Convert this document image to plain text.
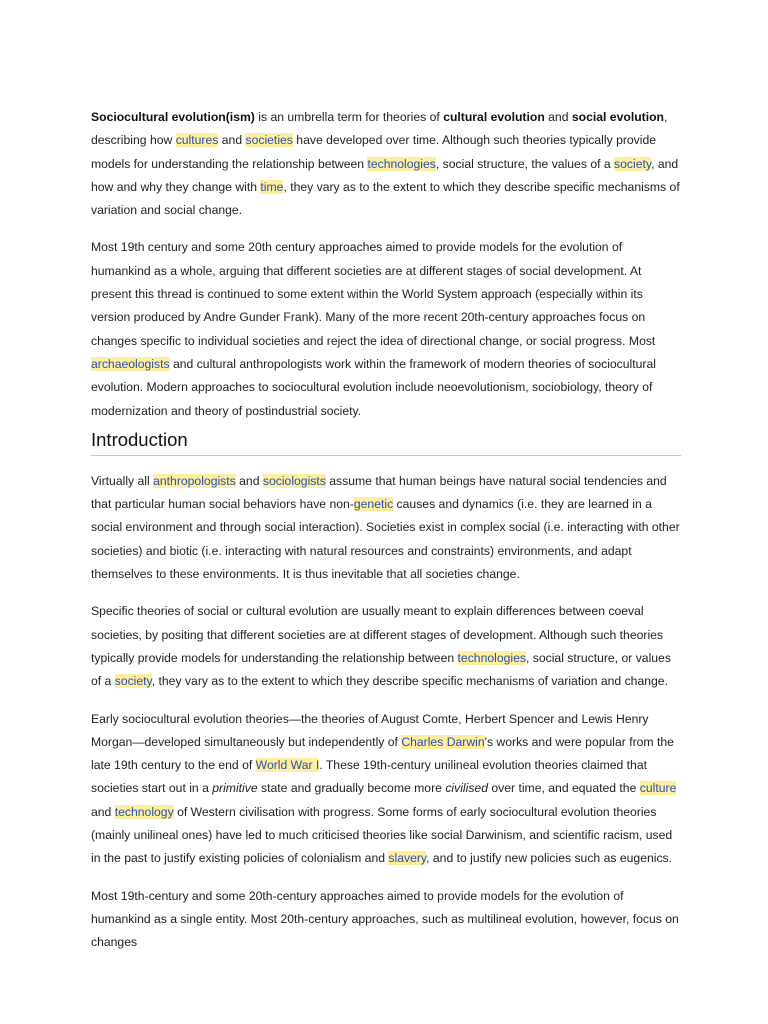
Sociocultural evolution(ism) is an umbrella term for theories of cultural evolution and social evolution, describing how cultures and societies have developed over time. Although such theories typically provide models for understanding the relationship between technologies, social structure, the values of a society, and how and why they change with time, they vary as to the extent to which they describe specific mechanisms of variation and social change.

Most 19th century and some 20th century approaches aimed to provide models for the evolution of humankind as a whole, arguing that different societies are at different stages of social development. At present this thread is continued to some extent within the World System approach (especially within its version produced by Andre Gunder Frank). Many of the more recent 20th-century approaches focus on changes specific to individual societies and reject the idea of directional change, or social progress. Most archaeologists and cultural anthropologists work within the framework of modern theories of sociocultural evolution. Modern approaches to sociocultural evolution include neoevolutionism, sociobiology, theory of modernization and theory of postindustrial society.

Introduction

Virtually all anthropologists and sociologists assume that human beings have natural social tendencies and that particular human social behaviors have non-genetic causes and dynamics (i.e. they are learned in a social environment and through social interaction). Societies exist in complex social (i.e. interacting with other societies) and biotic (i.e. interacting with natural resources and constraints) environments, and adapt themselves to these environments. It is thus inevitable that all societies change.

Specific theories of social or cultural evolution are usually meant to explain differences between coeval societies, by positing that different societies are at different stages of development. Although such theories typically provide models for understanding the relationship between technologies, social structure, or values of a society, they vary as to the extent to which they describe specific mechanisms of variation and change.

Early sociocultural evolution theories—the theories of August Comte, Herbert Spencer and Lewis Henry Morgan—developed simultaneously but independently of Charles Darwin's works and were popular from the late 19th century to the end of World War I. These 19th-century unilineal evolution theories claimed that societies start out in a primitive state and gradually become more civilised over time, and equated the culture and technology of Western civilisation with progress. Some forms of early sociocultural evolution theories (mainly unilineal ones) have led to much criticised theories like social Darwinism, and scientific racism, used in the past to justify existing policies of colonialism and slavery, and to justify new policies such as eugenics.

Most 19th-century and some 20th-century approaches aimed to provide models for the evolution of humankind as a single entity. Most 20th-century approaches, such as multilineal evolution, however, focus on changes
